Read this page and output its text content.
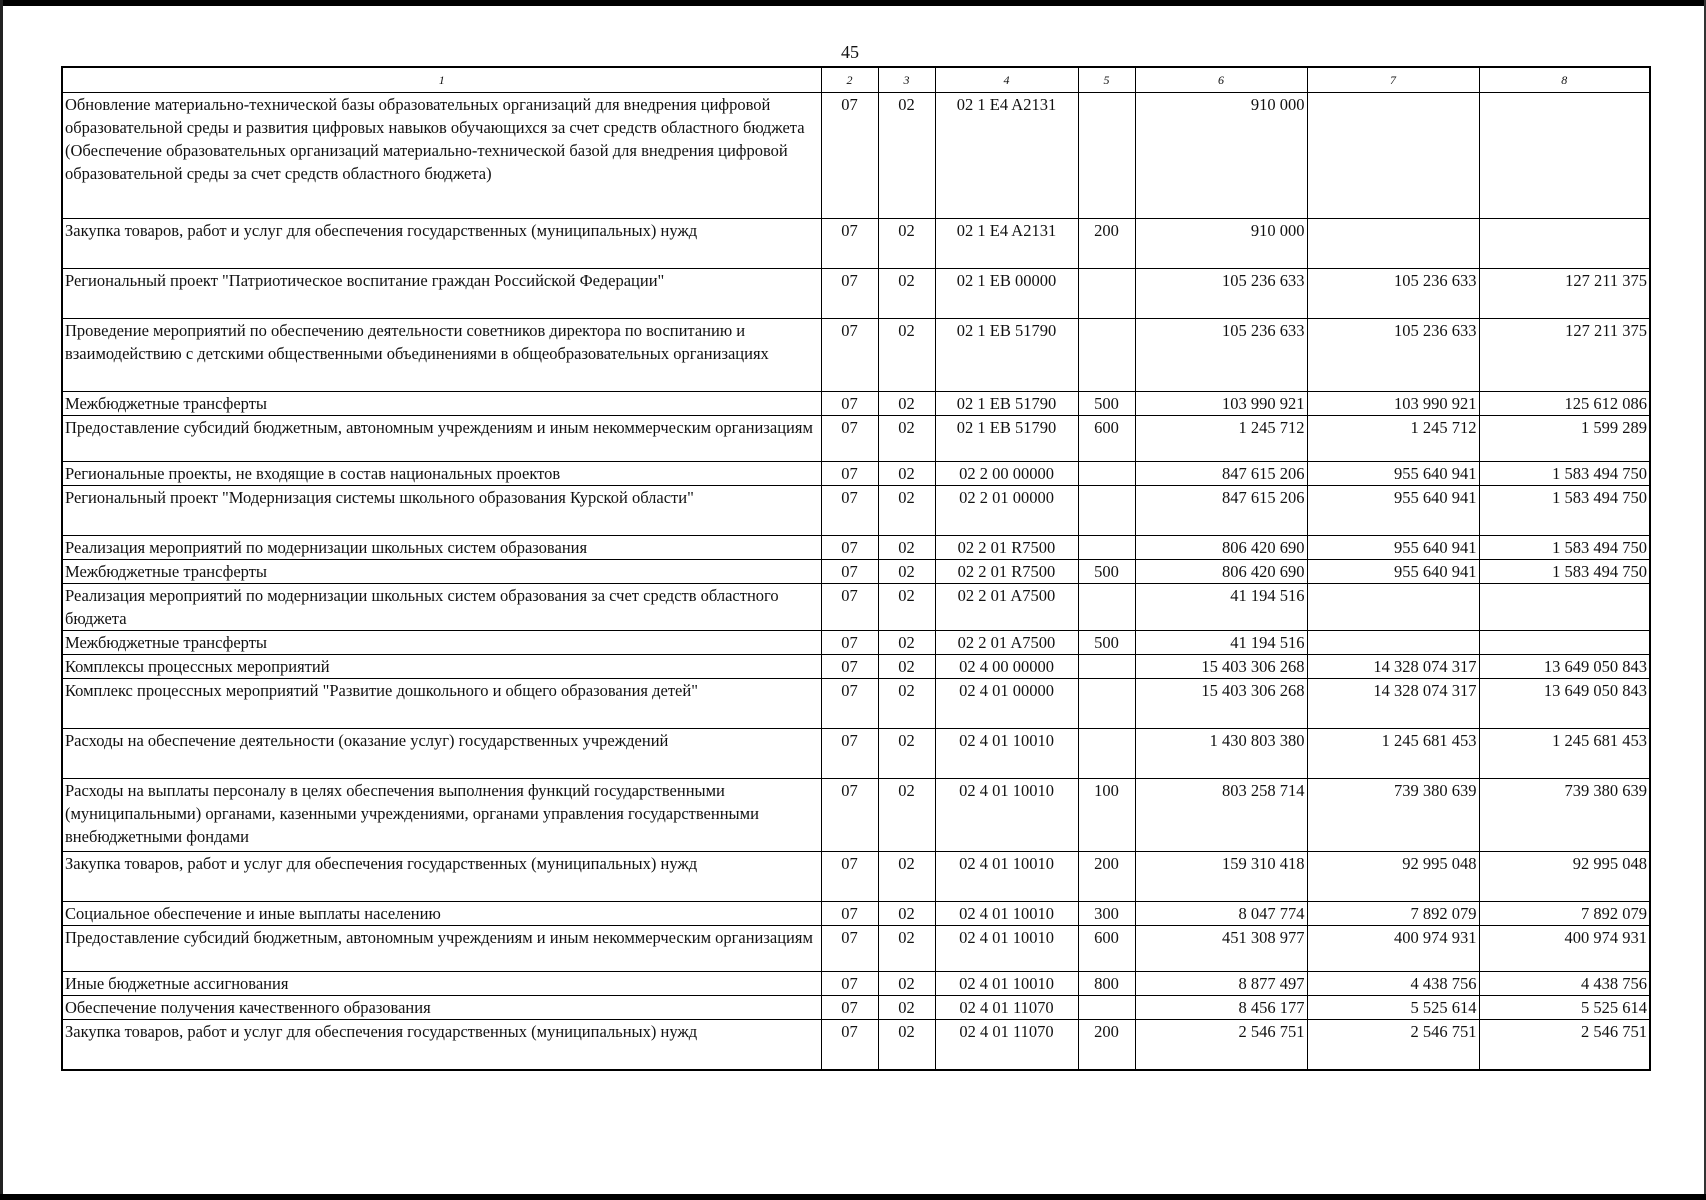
45
1	2	3	4	5	6	7	8
Обновление материально-технической базы образовательных организаций для внедрения цифровой образовательной среды и развития цифровых навыков обучающихся за счет средств областного бюджета (Обеспечение образовательных организаций материально-технической базой для внедрения цифровой образовательной среды за счет средств областного бюджета)	07	02	02 1 E4 A2131		910 000		
Закупка товаров, работ и услуг для обеспечения государственных (муниципальных) нужд	07	02	02 1 E4 A2131	200	910 000		
Региональный проект "Патриотическое воспитание граждан Российской Федерации"	07	02	02 1 EB 00000		105 236 633	105 236 633	127 211 375
Проведение мероприятий по обеспечению деятельности советников директора по воспитанию и взаимодействию с детскими общественными объединениями в общеобразовательных организациях	07	02	02 1 EB 51790		105 236 633	105 236 633	127 211 375
Межбюджетные трансферты	07	02	02 1 EB 51790	500	103 990 921	103 990 921	125 612 086
Предоставление субсидий бюджетным, автономным учреждениям и иным некоммерческим организациям	07	02	02 1 EB 51790	600	1 245 712	1 245 712	1 599 289
Региональные проекты, не входящие в состав национальных проектов	07	02	02 2 00 00000		847 615 206	955 640 941	1 583 494 750
Региональный проект "Модернизация системы школьного образования Курской области"	07	02	02 2 01 00000		847 615 206	955 640 941	1 583 494 750
Реализация мероприятий по модернизации школьных систем образования	07	02	02 2 01 R7500		806 420 690	955 640 941	1 583 494 750
Межбюджетные трансферты	07	02	02 2 01 R7500	500	806 420 690	955 640 941	1 583 494 750
Реализация мероприятий по модернизации школьных систем образования за счет средств областного бюджета	07	02	02 2 01 A7500		41 194 516		
Межбюджетные трансферты	07	02	02 2 01 A7500	500	41 194 516		
Комплексы процессных мероприятий	07	02	02 4 00 00000		15 403 306 268	14 328 074 317	13 649 050 843
Комплекс процессных мероприятий "Развитие дошкольного и общего образования детей"	07	02	02 4 01 00000		15 403 306 268	14 328 074 317	13 649 050 843
Расходы на обеспечение деятельности (оказание услуг) государственных учреждений	07	02	02 4 01 10010		1 430 803 380	1 245 681 453	1 245 681 453
Расходы на выплаты персоналу в целях обеспечения выполнения функций государственными (муниципальными) органами, казенными учреждениями, органами управления государственными внебюджетными фондами	07	02	02 4 01 10010	100	803 258 714	739 380 639	739 380 639
Закупка товаров, работ и услуг для обеспечения государственных (муниципальных) нужд	07	02	02 4 01 10010	200	159 310 418	92 995 048	92 995 048
Социальное обеспечение и иные выплаты населению	07	02	02 4 01 10010	300	8 047 774	7 892 079	7 892 079
Предоставление субсидий бюджетным, автономным учреждениям и иным некоммерческим организациям	07	02	02 4 01 10010	600	451 308 977	400 974 931	400 974 931
Иные бюджетные ассигнования	07	02	02 4 01 10010	800	8 877 497	4 438 756	4 438 756
Обеспечение получения качественного образования	07	02	02 4 01 11070		8 456 177	5 525 614	5 525 614
Закупка товаров, работ и услуг для обеспечения государственных (муниципальных) нужд	07	02	02 4 01 11070	200	2 546 751	2 546 751	2 546 751
